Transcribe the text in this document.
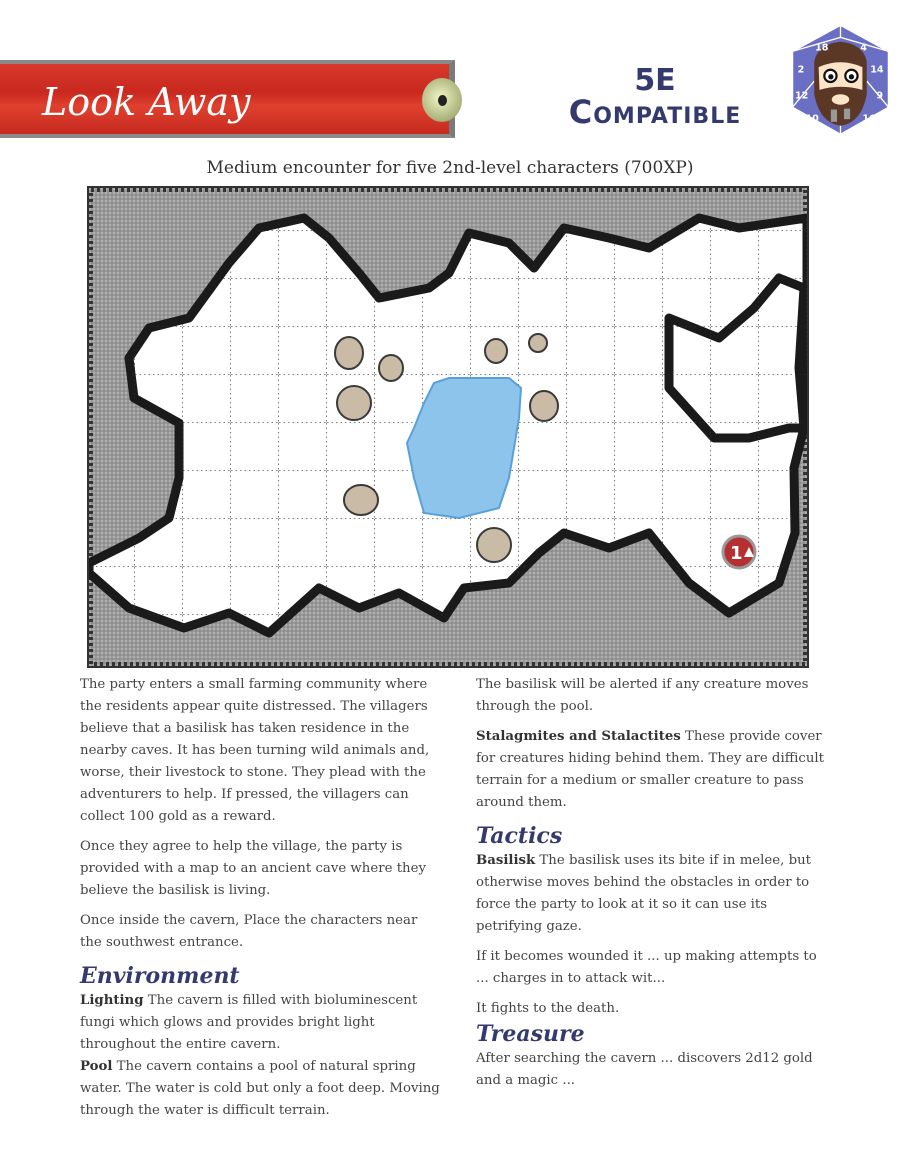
Look Away	5E
Compatible
Medium encounter for five 2nd-level characters (700XP)
1

The party enters a small farming community where the residents appear quite distressed. The villagers believe that a basilisk has taken residence in the nearby caves. It has been turning wild animals and, worse, their livestock to stone. They plead with the adventurers to help. If pressed, the villagers can collect 100 gold as a reward.

Once they agree to help the village, the party is provided with a map to an ancient cave where they believe the basilisk is living.

Once inside the cavern, Place the characters near the southwest entrance.

Environment

Lighting The cavern is filled with bioluminescent fungi which glows and provides bright light throughout the entire cavern.

Pool The cavern contains a pool of natural spring water. The water is cold but only a foot deep. Moving through the water is difficult terrain.

The basilisk will be alerted if any creature moves through the pool.

Stalagmites and Stalactites These provide cover for creatures hiding behind them. They are difficult terrain for a medium or smaller creature to pass around them.

Tactics

Basilisk The basilisk uses its bite if in melee, but otherwise moves behind the obstacles in order to force the party to look at it so it can use its petrifying gaze.

If it becomes wounded it ... up making attempts to ... charges in to attack wit...

It fights to the death.

Treasure

After searching the cavern ... discovers 2d12 gold and a magic ...

18 4
2	14
12	9
10 16
